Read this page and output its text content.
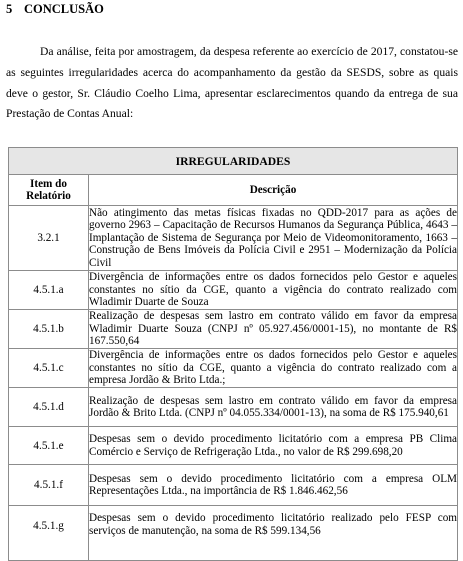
5 CONCLUSÃO
Da análise, feita por amostragem, da despesa referente ao exercício de 2017, constatou-se as seguintes irregularidades acerca do acompanhamento da gestão da SESDS, sobre as quais deve o gestor, Sr. Cláudio Coelho Lima, apresentar esclarecimentos quando da entrega de sua Prestação de Contas Anual:
IRREGULARIDADES	
Item do Relatório	Descrição
3.2.1	Não atingimento das metas físicas fixadas no QDD-2017 para as ações de governo 2963 – Capacitação de Recursos Humanos da Segurança Pública, 4643 – Implantação de Sistema de Segurança por Meio de Videomonitoramento, 1663 – Construção de Bens Imóveis da Polícia Civil e 2951 – Modernização da Polícia Civil
4.5.1.a	Divergência de informações entre os dados fornecidos pelo Gestor e aqueles constantes no sítio da CGE, quanto a vigência do contrato realizado com Wladimir Duarte de Souza
4.5.1.b	Realização de despesas sem lastro em contrato válido em favor da empresa Wladimir Duarte Souza (CNPJ nº 05.927.456/0001-15), no montante de R$ 167.550,64
4.5.1.c	Divergência de informações entre os dados fornecidos pelo Gestor e aqueles constantes no sítio da CGE, quanto a vigência do contrato realizado com a empresa Jordão & Brito Ltda.;
4.5.1.d	Realização de despesas sem lastro em contrato válido em favor da empresa Jordão & Brito Ltda. (CNPJ nº 04.055.334/0001-13), na soma de R$ 175.940,61
4.5.1.e	Despesas sem o devido procedimento licitatório com a empresa PB Clima Comércio e Serviço de Refrigeração Ltda., no valor de R$ 299.698,20
4.5.1.f	Despesas sem o devido procedimento licitatório com a empresa OLM Representações Ltda., na importância de R$ 1.846.462,56
4.5.1.g	Despesas sem o devido procedimento licitatório realizado pelo FESP com serviços de manutenção, na soma de R$ 599.134,56
